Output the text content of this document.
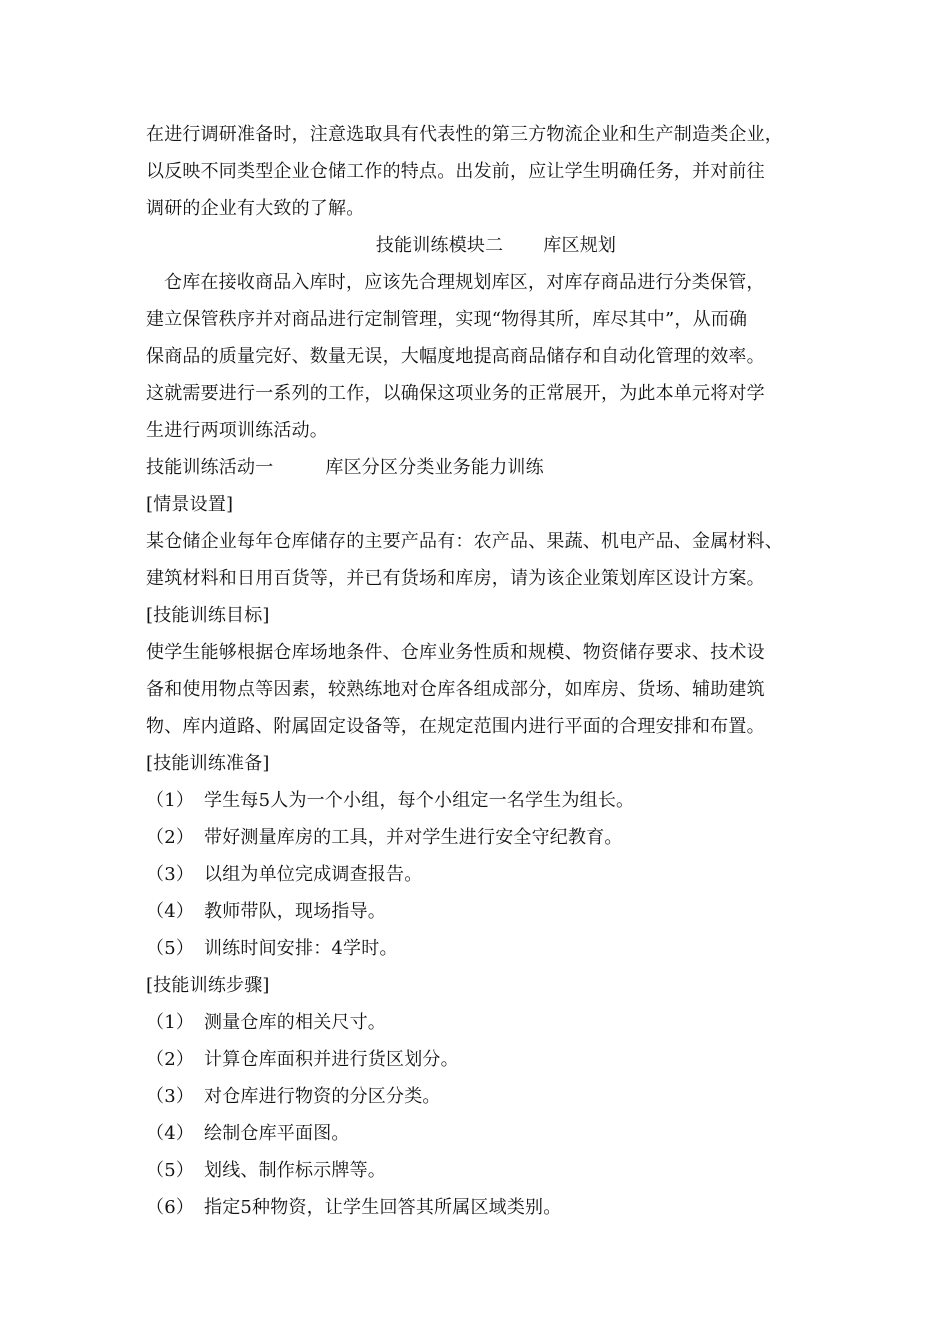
在进行调研准备时，注意选取具有代表性的第三方物流企业和生产制造类企业，
以反映不同类型企业仓储工作的特点。出发前，应让学生明确任务，并对前往
调研的企业有大致的了解。
技能训练模块二 库区规划
仓库在接收商品入库时，应该先合理规划库区，对库存商品进行分类保管，
建立保管秩序并对商品进行定制管理，实现“物得其所，库尽其中”，从而确
保商品的质量完好、数量无误，大幅度地提高商品储存和自动化管理的效率。
这就需要进行一系列的工作，以确保这项业务的正常展开，为此本单元将对学
生进行两项训练活动。
技能训练活动一	库区分区分类业务能力训练
[情景设置]
某仓储企业每年仓库储存的主要产品有：农产品、果蔬、机电产品、金属材料、
建筑材料和日用百货等，并已有货场和库房，请为该企业策划库区设计方案。
[技能训练目标]
使学生能够根据仓库场地条件、仓库业务性质和规模、物资储存要求、技术设
备和使用物点等因素，较熟练地对仓库各组成部分，如库房、货场、辅助建筑
物、库内道路、附属固定设备等，在规定范围内进行平面的合理安排和布置。
[技能训练准备]
（1） 学生每5人为一个小组，每个小组定一名学生为组长。
（2） 带好测量库房的工具，并对学生进行安全守纪教育。
（3） 以组为单位完成调查报告。
（4） 教师带队，现场指导。
（5） 训练时间安排：4学时。
[技能训练步骤]
（1） 测量仓库的相关尺寸。
（2） 计算仓库面积并进行货区划分。
（3） 对仓库进行物资的分区分类。
（4） 绘制仓库平面图。
（5） 划线、制作标示牌等。
（6） 指定5种物资，让学生回答其所属区域类别。
